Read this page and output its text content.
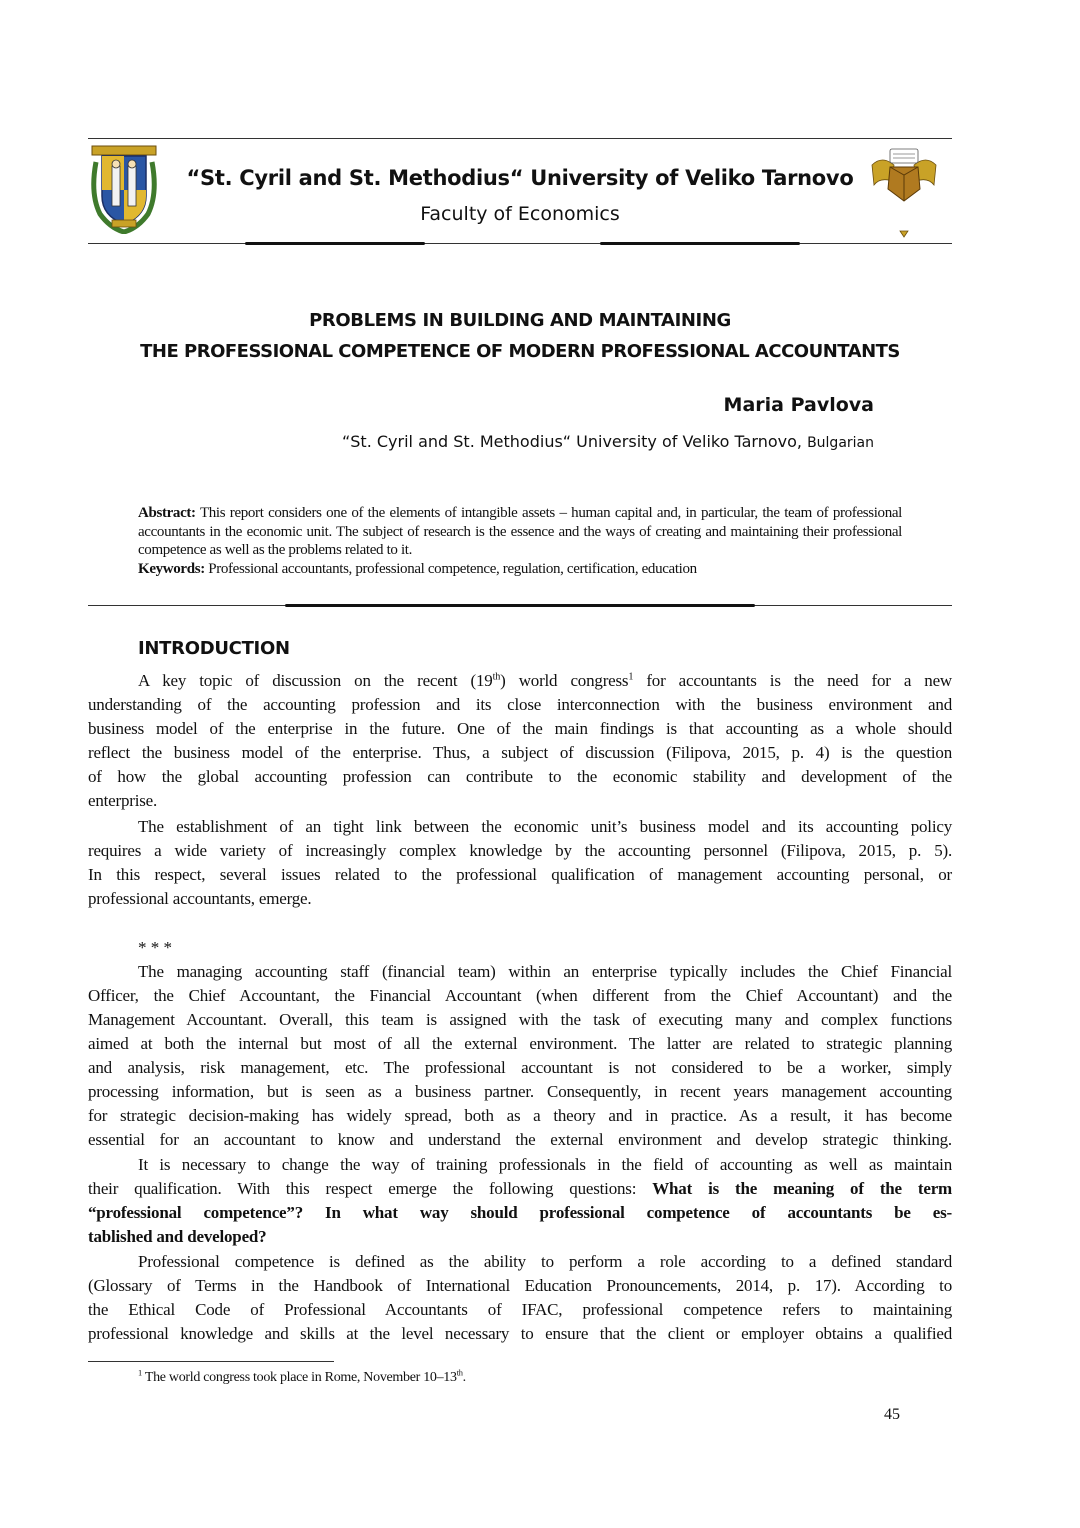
“St. Cyril and St. Methodius“ University of Veliko Tarnovo
Faculty of Economics
PROBLEMS IN BUILDING AND MAINTAINING
THE PROFESSIONAL COMPETENCE OF MODERN PROFESSIONAL ACCOUNTANTS
Maria Pavlova
“St. Cyril and St. Methodius“ University of Veliko Tarnovo, Bulgarian

Abstract: This report considers one of the elements of intangible assets – human capital and, in particular, the team of professional accountants in the economic unit. The subject of research is the essence and the ways of creating and maintaining their professional competence as well as the problems related to it.

Keywords: Professional accountants, professional competence, regulation, certification, education

INTRODUCTION
A key topic of discussion on the recent (19th) world congress$^1$ for accountants is the need for a new
understanding of the accounting profession and its close interconnection with the business environment and
business model of the enterprise in the future. One of the main findings is that accounting as a whole should
reflect the business model of the enterprise. Thus, a subject of discussion (Filipova, 2015, p. 4) is the question
of how the global accounting profession can contribute to the economic stability and development of the
enterprise.
The establishment of an tight link between the economic unit’s business model and its accounting policy
requires a wide variety of increasingly complex knowledge by the accounting personnel (Filipova, 2015, p. 5).
In this respect, several issues related to the professional qualification of management accounting personal, or
professional accountants, emerge.
* * *
The managing accounting staff (financial team) within an enterprise typically includes the Chief Financial
Officer, the Chief Accountant, the Financial Accountant (when different from the Chief Accountant) and the
Management Accountant. Overall, this team is assigned with the task of executing many and complex functions
aimed at both the internal but most of all the external environment. The latter are related to strategic planning
and analysis, risk management, etc. The professional accountant is not considered to be a worker, simply
processing information, but is seen as a business partner. Consequently, in recent years management accounting
for strategic decision-making has widely spread, both as a theory and in practice. As a result, it has become
essential for an accountant to know and understand the external environment and develop strategic thinking.
It is necessary to change the way of training professionals in the field of accounting as well as maintain
their qualification. With this respect emerge the following questions: What is the meaning of the term
“professional competence”? In what way should professional competence of accountants be es-
tablished and developed?
Professional competence is defined as the ability to perform a role according to a defined standard
(Glossary of Terms in the Handbook of International Education Pronouncements, 2014, p. 17). According to
the Ethical Code of Professional Accountants of IFAC, professional competence refers to maintaining
professional knowledge and skills at the level necessary to ensure that the client or employer obtains a qualified
$^1$ The world congress took place in Rome, November 10–13th.
45
